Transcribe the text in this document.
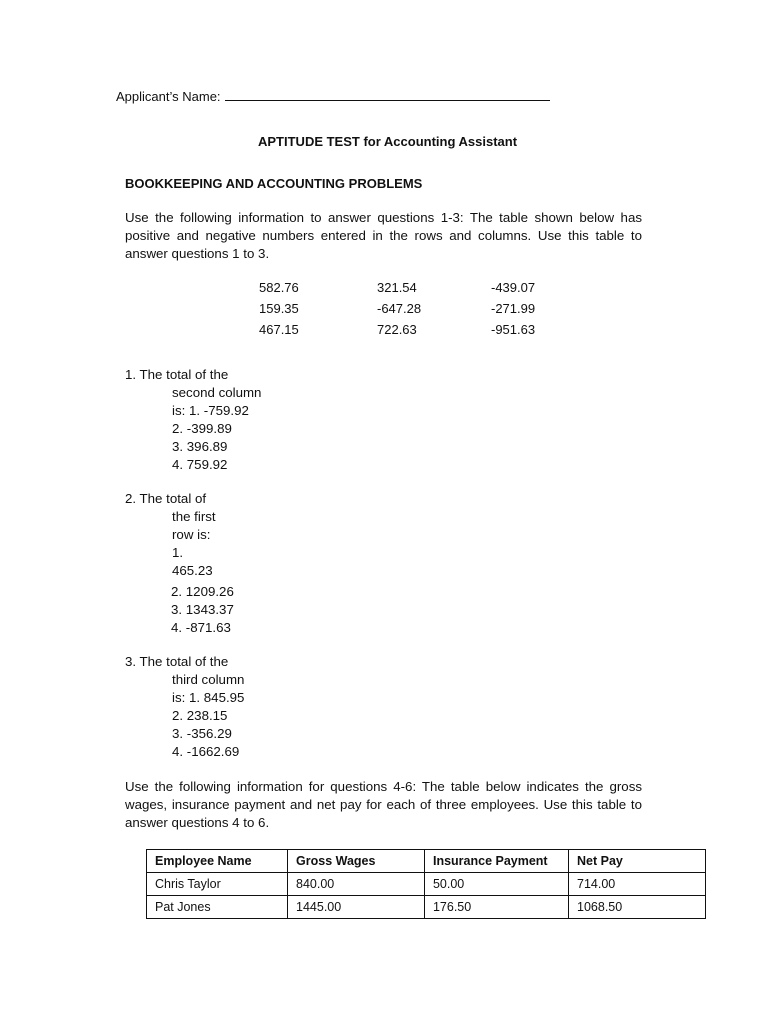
Applicant’s Name:
APTITUDE TEST for Accounting Assistant
BOOKKEEPING AND ACCOUNTING PROBLEMS
Use the following information to answer questions 1-3: The table shown below has positive and negative numbers entered in the rows and columns. Use this table to answer questions 1 to 3.
582.76	321.54	-439.07
159.35	-647.28	-271.99
467.15	722.63	-951.63
1. The total of the
second column
is: 1. -759.92
2. -399.89
3. 396.89
4. 759.92
2. The total of
the first
row is:
1.
465.23
2. 1209.26
3. 1343.37
4. -871.63
3. The total of the
third column
is: 1. 845.95
2. 238.15
3. -356.29
4. -1662.69
Use the following information for questions 4-6: The table below indicates the gross wages, insurance payment and net pay for each of three employees. Use this table to answer questions 4 to 6.
Employee Name	Gross Wages	Insurance Payment	Net Pay
Chris Taylor	840.00	50.00	714.00
Pat Jones	1445.00	176.50	1068.50
